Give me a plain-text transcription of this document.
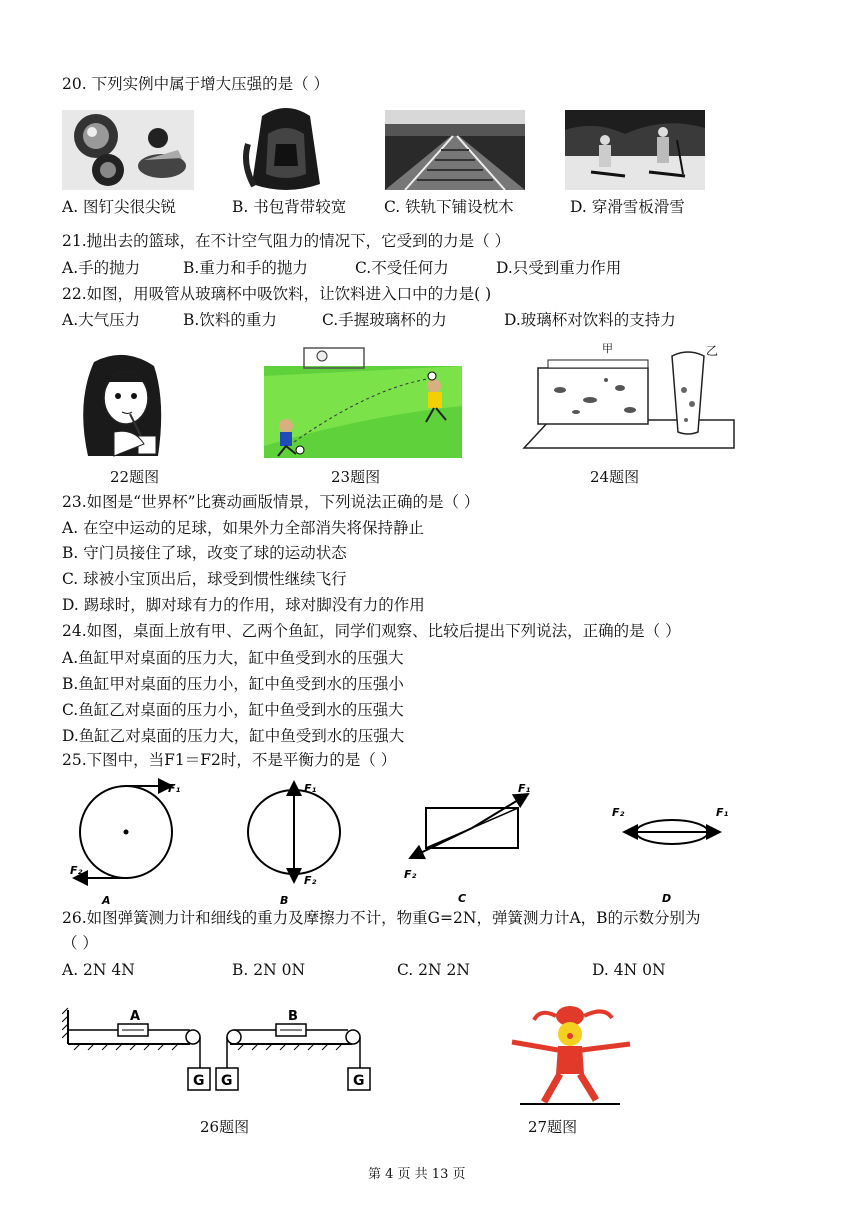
20. 下列实例中属于增大压强的是（ ）
A. 图钉尖很尖锐	B. 书包背带较宽 C. 铁轨下铺设枕木	D. 穿滑雪板滑雪
21.抛出去的篮球，在不计空气阻力的情况下，它受到的力是（ ）
A.手的抛力	B.重力和手的抛力	C.不受任何力	D.只受到重力作用
22.如图，用吸管从玻璃杯中吸饮料，让饮料进入口中的力是( )
A.大气压力	B.饮料的重力	C.手握玻璃杯的力	D.玻璃杯对饮料的支持力
甲	乙
22题图	23题图	24题图
23.如图是“世界杯”比赛动画版情景，下列说法正确的是（ ）
A. 在空中运动的足球，如果外力全部消失将保持静止
B. 守门员接住了球，改变了球的运动状态
C. 球被小宝顶出后，球受到惯性继续飞行
D. 踢球时，脚对球有力的作用，球对脚没有力的作用
24.如图，桌面上放有甲、乙两个鱼缸，同学们观察、比较后提出下列说法，正确的是（ ）
A.鱼缸甲对桌面的压力大，缸中鱼受到水的压强大
B.鱼缸甲对桌面的压力小，缸中鱼受到水的压强小
C.鱼缸乙对桌面的压力小，缸中鱼受到水的压强大
D.鱼缸乙对桌面的压力大，缸中鱼受到水的压强大
25.下图中，当F1＝F2时，不是平衡力的是（ ）
F₁
F₂
A
F₁
F₂
B
F₁
F₂
C
F₁
F₂
D
26.如图弹簧测力计和细线的重力及摩擦力不计，物重G=2N，弹簧测力计A，B的示数分别为
（ ）
A. 2N 4N	B. 2N 0N	C. 2N 2N	D. 4N 0N
A
G G
B
G
26题图	27题图
第 4 页 共 13 页
